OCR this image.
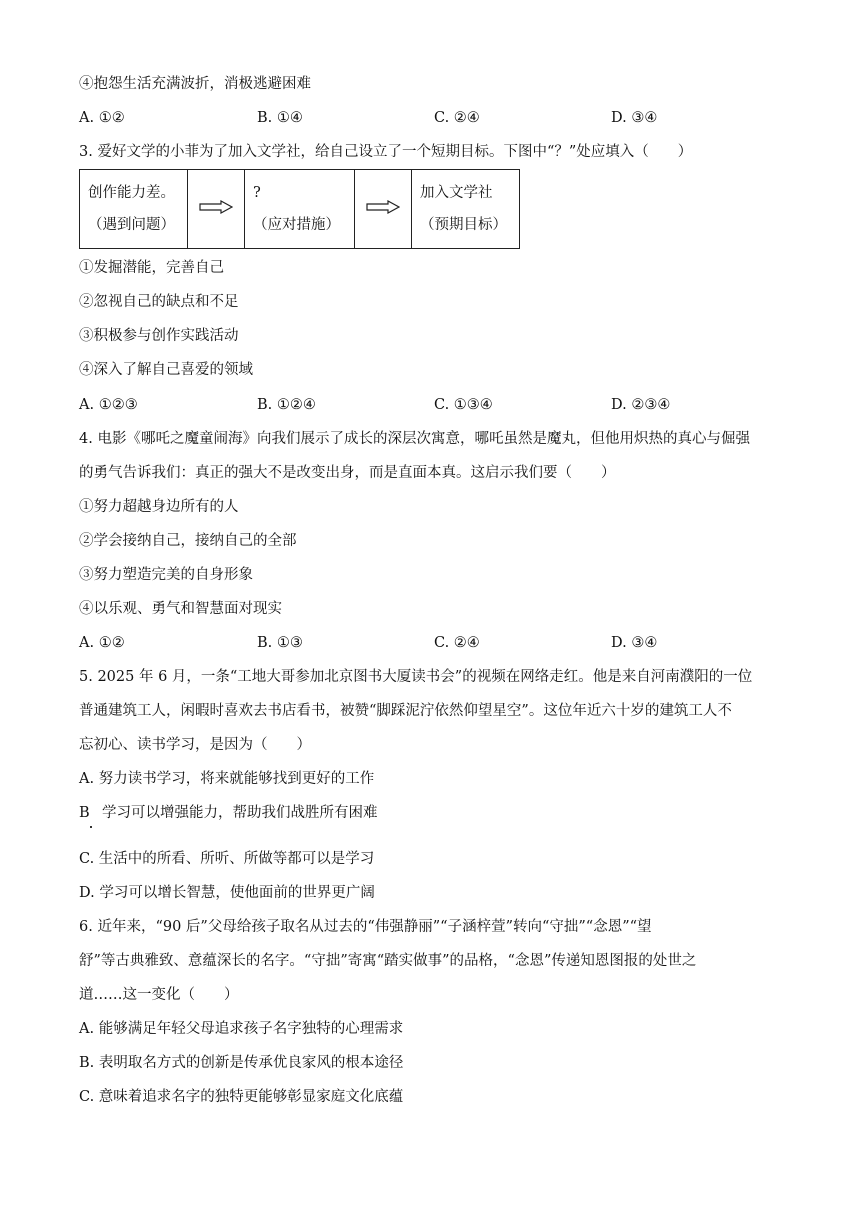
④抱怨生活充满波折，消极逃避困难
A. ①②	B. ①④	C. ②④	D. ③④
3. 爱好文学的小菲为了加入文学社，给自己设立了一个短期目标。下图中“？”处应填入（　　）
创作能力差。
（遇到问题）

?
（应对措施）

加入文学社
（预期目标）
①发掘潜能，完善自己
②忽视自己的缺点和不足
③积极参与创作实践活动
④深入了解自己喜爱的领域
A. ①②③	B. ①②④	C. ①③④	D. ②③④
4. 电影《哪吒之魔童闹海》向我们展示了成长的深层次寓意，哪吒虽然是魔丸，但他用炽热的真心与倔强
的勇气告诉我们：真正的强大不是改变出身，而是直面本真。这启示我们要（　　）
①努力超越身边所有的人
②学会接纳自己，接纳自己的全部
③努力塑造完美的自身形象
④以乐观、勇气和智慧面对现实
A. ①②	B. ①③	C. ②④	D. ③④
5. 2025 年 6 月，一条“工地大哥参加北京图书大厦读书会”的视频在网络走红。他是来自河南濮阳的一位
普通建筑工人，闲暇时喜欢去书店看书，被赞“脚踩泥泞依然仰望星空”。这位年近六十岁的建筑工人不
忘初心、读书学习，是因为（　　）
A. 努力读书学习，将来就能够找到更好的工作
B 学习可以增强能力，帮助我们战胜所有困难
C. 生活中的所看、所听、所做等都可以是学习
D. 学习可以增长智慧，使他面前的世界更广阔
6. 近年来，“90 后”父母给孩子取名从过去的“伟强静丽”“子涵梓萱”转向“守拙”“念恩”“望
舒”等古典雅致、意蕴深长的名字。“守拙”寄寓“踏实做事”的品格，“念恩”传递知恩图报的处世之
道……这一变化（　　）
A. 能够满足年轻父母追求孩子名字独特的心理需求
B. 表明取名方式的创新是传承优良家风的根本途径
C. 意味着追求名字的独特更能够彰显家庭文化底蕴
